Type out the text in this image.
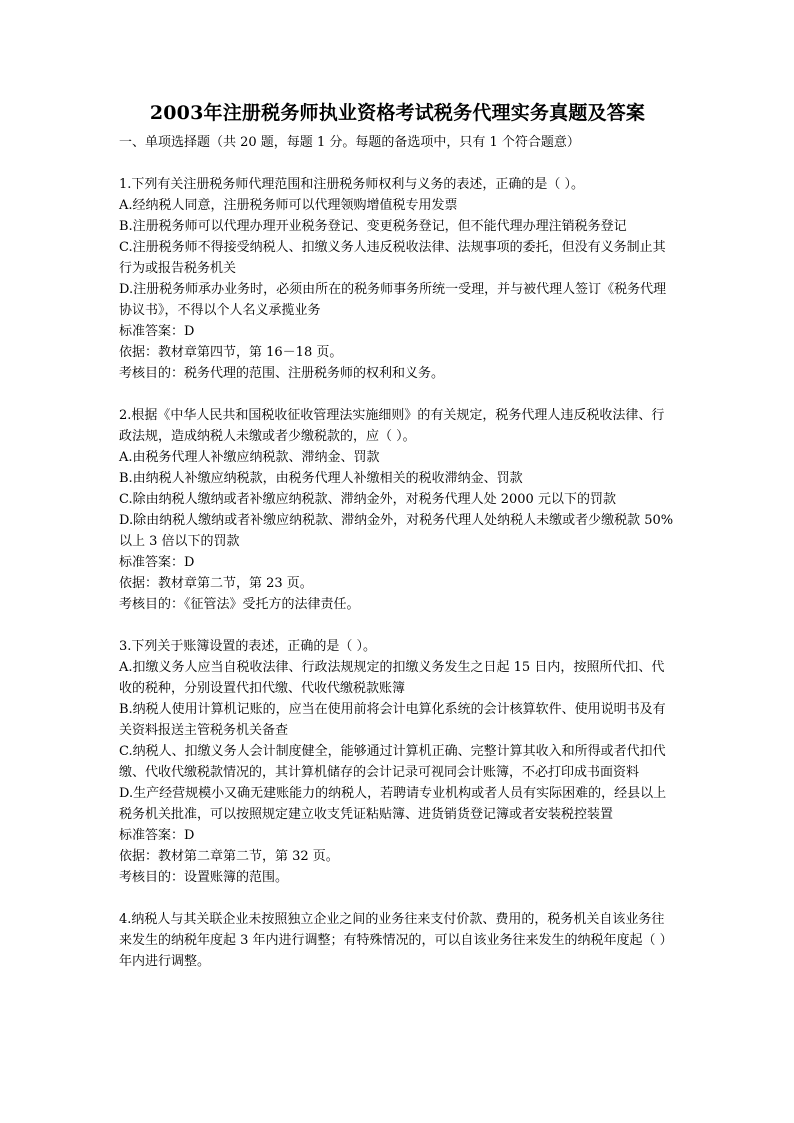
2003年注册税务师执业资格考试税务代理实务真题及答案

一、单项选择题（共 20 题，每题 1 分。每题的备选项中，只有 1 个符合题意）

1.下列有关注册税务师代理范围和注册税务师权利与义务的表述，正确的是（ ）。

A.经纳税人同意，注册税务师可以代理领购增值税专用发票

B.注册税务师可以代理办理开业税务登记、变更税务登记，但不能代理办理注销税务登记

C.注册税务师不得接受纳税人、扣缴义务人违反税收法律、法规事项的委托，但没有义务制止其行为或报告税务机关

D.注册税务师承办业务时，必须由所在的税务师事务所统一受理，并与被代理人签订《税务代理协议书》，不得以个人名义承揽业务

标准答案：D

依据：教材章第四节，第 16－18 页。

考核目的：税务代理的范围、注册税务师的权利和义务。

2.根据《中华人民共和国税收征收管理法实施细则》的有关规定，税务代理人违反税收法律、行政法规，造成纳税人未缴或者少缴税款的，应（ ）。

A.由税务代理人补缴应纳税款、滞纳金、罚款

B.由纳税人补缴应纳税款，由税务代理人补缴相关的税收滞纳金、罚款

C.除由纳税人缴纳或者补缴应纳税款、滞纳金外，对税务代理人处 2000 元以下的罚款

D.除由纳税人缴纳或者补缴应纳税款、滞纳金外，对税务代理人处纳税人未缴或者少缴税款 50%以上 3 倍以下的罚款

标准答案：D

依据：教材章第二节，第 23 页。

考核目的：《征管法》受托方的法律责任。

3.下列关于账簿设置的表述，正确的是（ ）。

A.扣缴义务人应当自税收法律、行政法规规定的扣缴义务发生之日起 15 日内，按照所代扣、代收的税种，分别设置代扣代缴、代收代缴税款账簿

B.纳税人使用计算机记账的，应当在使用前将会计电算化系统的会计核算软件、使用说明书及有关资料报送主管税务机关备查

C.纳税人、扣缴义务人会计制度健全，能够通过计算机正确、完整计算其收入和所得或者代扣代缴、代收代缴税款情况的，其计算机储存的会计记录可视同会计账簿，不必打印成书面资料

D.生产经营规模小又确无建账能力的纳税人，若聘请专业机构或者人员有实际困难的，经县以上税务机关批准，可以按照规定建立收支凭证粘贴簿、进货销货登记簿或者安装税控装置

标准答案：D

依据：教材第二章第二节，第 32 页。

考核目的：设置账簿的范围。

4.纳税人与其关联企业未按照独立企业之间的业务往来支付价款、费用的，税务机关自该业务往来发生的纳税年度起 3 年内进行调整；有特殊情况的，可以自该业务往来发生的纳税年度起（ ）年内进行调整。
